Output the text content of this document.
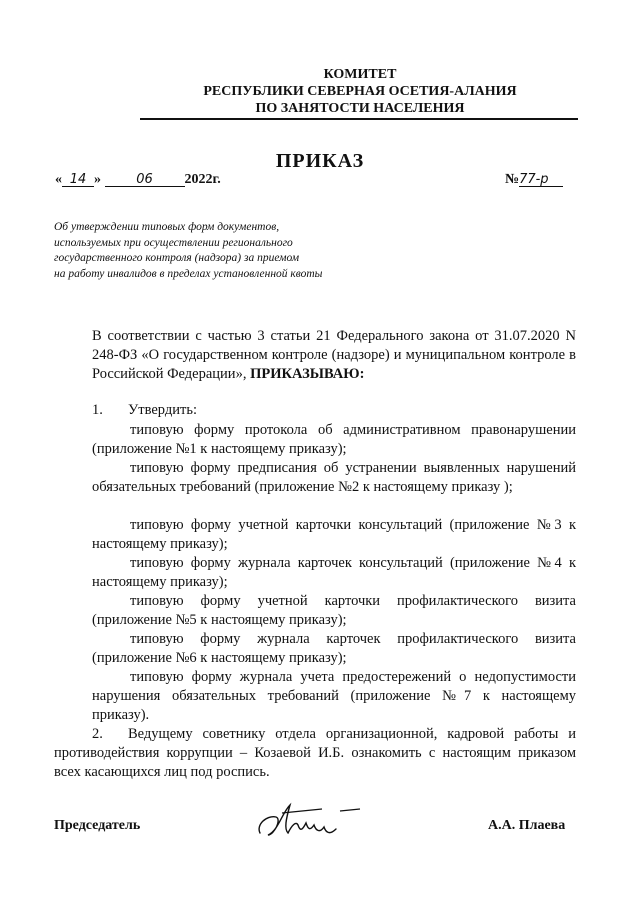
КОМИТЕТ
РЕСПУБЛИКИ СЕВЕРНАЯ ОСЕТИЯ-АЛАНИЯ
ПО ЗАНЯТОСТИ НАСЕЛЕНИЯ
ПРИКАЗ
« 14 »	06 2022г.	№77-р
Об утверждении типовых форм документов,
используемых при осуществлении регионального
государственного контроля (надзора) за приемом
на работу инвалидов в пределах установленной квоты
В соответствии с частью 3 статьи 21 Федерального закона от 31.07.2020 N 248-ФЗ «О государственном контроле (надзоре) и муниципальном контроле в Российской Федерации», ПРИКАЗЫВАЮ:
1. Утвердить:
типовую форму протокола об административном правонарушении (приложение №1 к настоящему приказу);
типовую форму предписания об устранении выявленных нарушений обязательных требований (приложение №2 к настоящему приказу );
типовую форму учетной карточки консультаций (приложение №3 к настоящему приказу);
типовую форму журнала карточек консультаций (приложение №4 к настоящему приказу);
типовую форму учетной карточки профилактического визита (приложение №5 к настоящему приказу);
типовую форму журнала карточек профилактического визита (приложение №6 к настоящему приказу);
типовую форму журнала учета предостережений о недопустимости нарушения обязательных требований (приложение №7 к настоящему приказу).
2. Ведущему советнику отдела организационной, кадровой работы и противодействия коррупции – Козаевой И.Б. ознакомить с настоящим приказом всех касающихся лиц под роспись.
Председатель	А.А. Плаева
